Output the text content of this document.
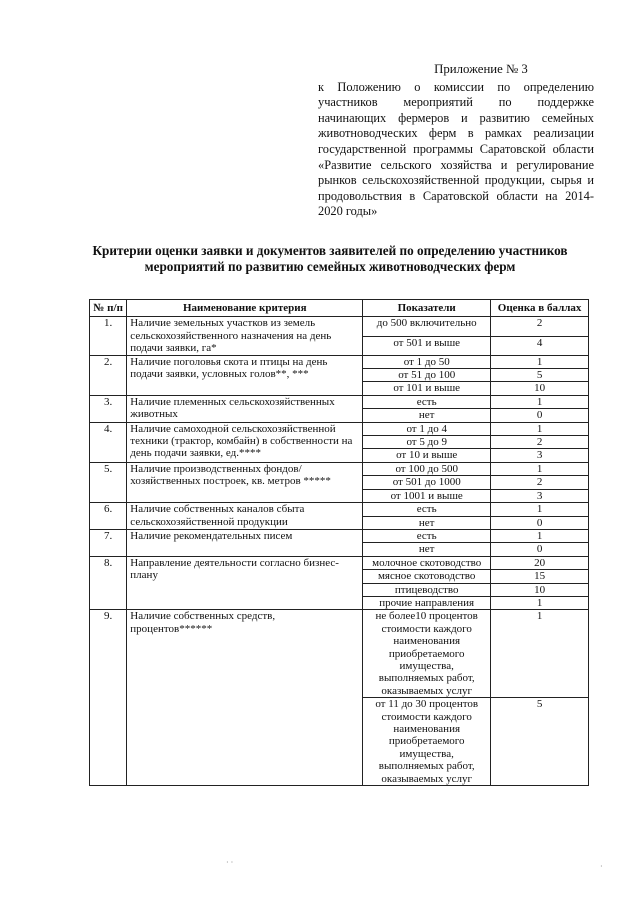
Приложение № 3
к Положению о комиссии по определению участников мероприятий по поддержке начинающих фермеров и развитию семейных животноводческих ферм в рамках реализации государственной программы Саратовской области «Развитие сельского хозяйства и регулирование рынков сельскохозяйственной продукции, сырья и продовольствия в Саратовской области на 2014-2020 годы»
Критерии оценки заявки и документов заявителей по определению участников мероприятий по развитию семейных животноводческих ферм
№ п/п	Наименование критерия	Показатели	Оценка в баллах
1.	Наличие земельных участков из земель сельскохозяйственного назначения на день подачи заявки, га*	до 500 включительно	2
		от 501 и выше	4
2.	Наличие поголовья скота и птицы на день подачи заявки, условных голов**, ***	от 1 до 50	1
		от 51 до 100	5
		от 101 и выше	10
3.	Наличие племенных сельскохозяйственных животных	есть	1
		нет	0
4.	Наличие самоходной сельскохозяйственной техники (трактор, комбайн) в собственности на день подачи заявки, ед.****	от 1 до 4	1
		от 5 до 9	2
		от 10 и выше	3
5.	Наличие производственных фондов/ хозяйственных построек, кв. метров *****	от 100 до 500	1
		от 501 до 1000	2
		от 1001 и выше	3
6.	Наличие собственных каналов сбыта сельскохозяйственной продукции	есть	1
		нет	0
7.	Наличие рекомендательных писем	есть	1
		нет	0
8.	Направление деятельности согласно бизнес-плану	молочное скотоводство	20
		мясное скотоводство	15
		птицеводство	10
		прочие направления	1
9.	Наличие собственных средств, процентов******	не более10 процентов стоимости каждого наименования приобретаемого имущества, выполняемых работ, оказываемых услуг	1
		от 11 до 30 процентов стоимости каждого наименования приобретаемого имущества, выполняемых работ, оказываемых услуг	5
· ·	·
